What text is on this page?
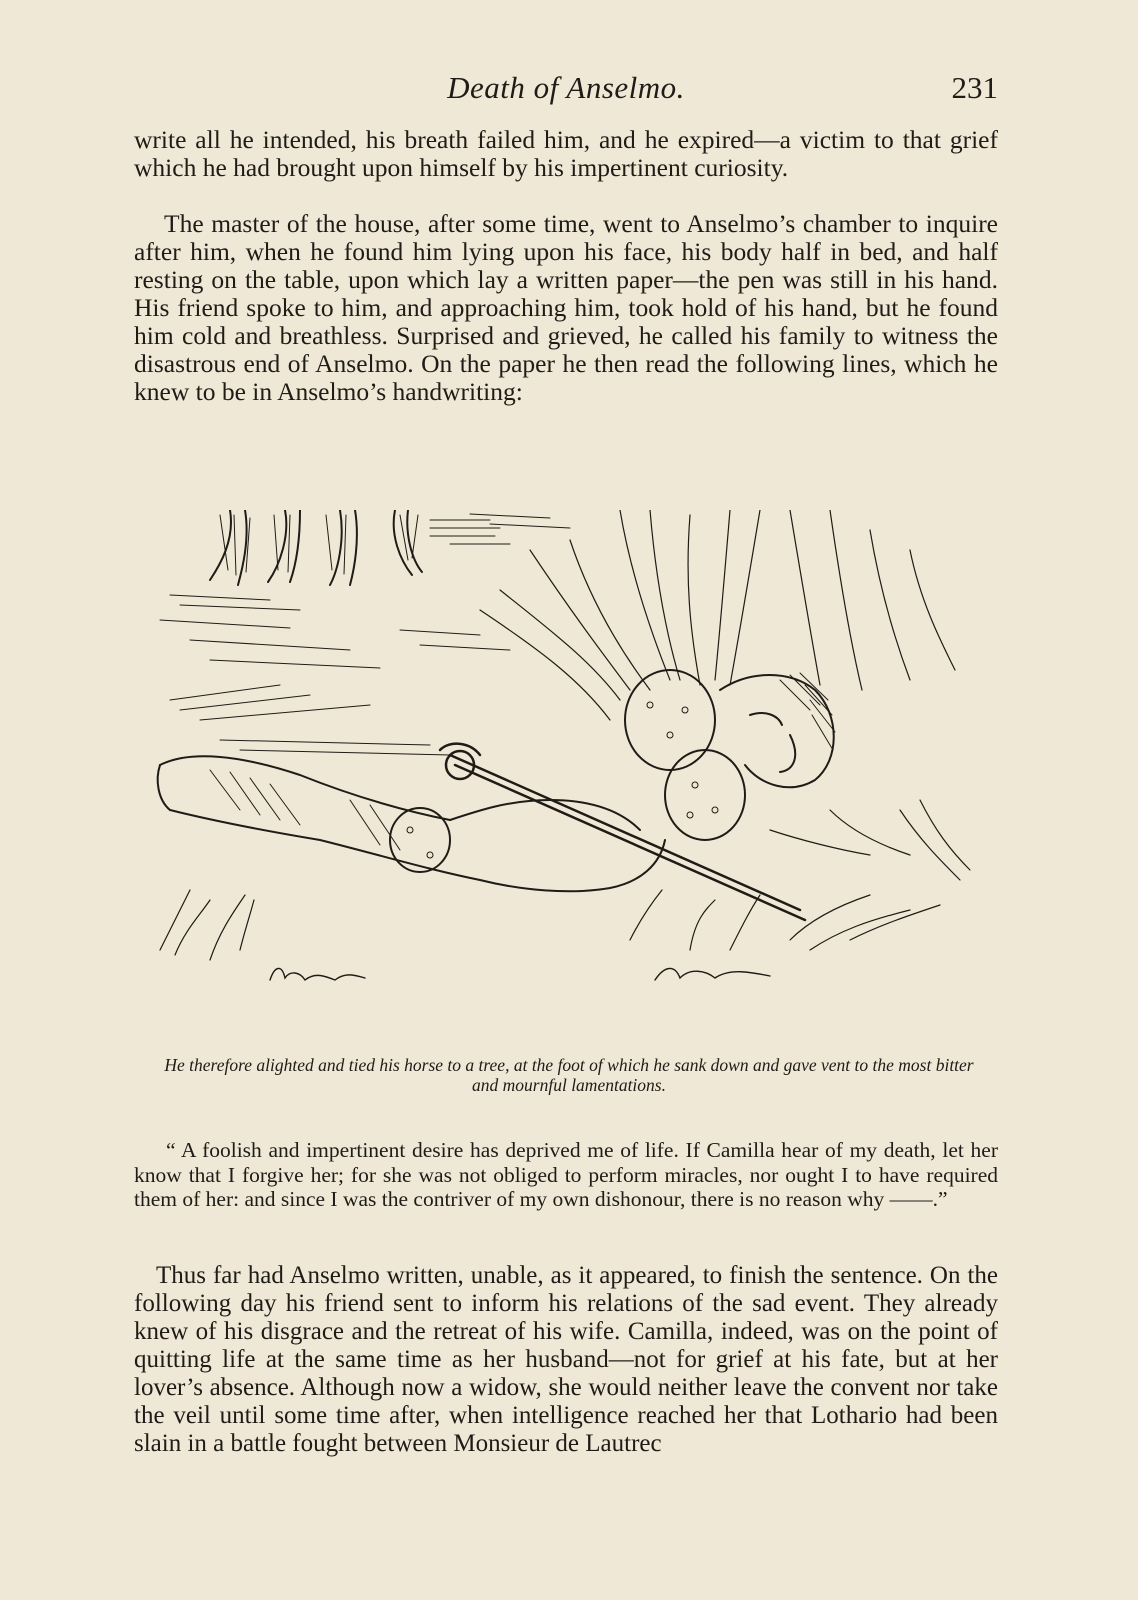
Death of Anselmo.	231
write all he intended, his breath failed him, and he expired—a victim to that grief which he had brought upon himself by his impertinent curiosity.
The master of the house, after some time, went to Anselmo’s chamber to inquire after him, when he found him lying upon his face, his body half in bed, and half resting on the table, upon which lay a written paper—the pen was still in his hand. His friend spoke to him, and approaching him, took hold of his hand, but he found him cold and breathless. Surprised and grieved, he called his family to witness the disastrous end of Anselmo. On the paper he then read the following lines, which he knew to be in Anselmo’s handwriting:
He therefore alighted and tied his horse to a tree, at the foot of which he sank down and gave vent to the most bitter and mournful lamentations.
“ A foolish and impertinent desire has deprived me of life. If Camilla hear of my death, let her know that I forgive her; for she was not obliged to perform miracles, nor ought I to have required them of her: and since I was the contriver of my own dishonour, there is no reason why ——.”
Thus far had Anselmo written, unable, as it appeared, to finish the sentence. On the following day his friend sent to inform his relations of the sad event. They already knew of his disgrace and the retreat of his wife. Camilla, indeed, was on the point of quitting life at the same time as her husband—not for grief at his fate, but at her lover’s absence. Although now a widow, she would neither leave the convent nor take the veil until some time after, when intelligence reached her that Lothario had been slain in a battle fought between Monsieur de Lautrec
